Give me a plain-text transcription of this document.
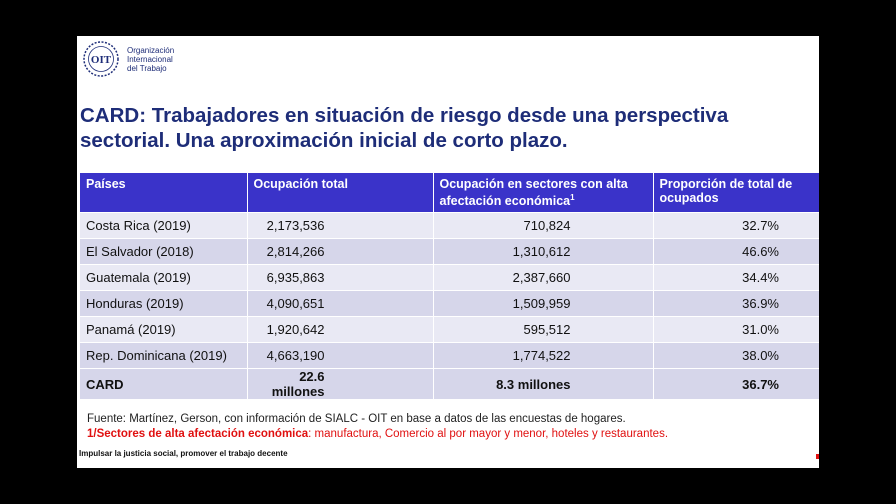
OIT
Organización
Internacional
del Trabajo
CARD: Trabajadores en situación de riesgo desde una perspectiva sectorial. Una aproximación inicial de corto plazo.
Países	Ocupación total	Ocupación en sectores con alta afectación económica$^1$	Proporción de total de ocupados
Costa Rica (2019)	2,173,536	710,824	32.7%
El Salvador (2018)	2,814,266	1,310,612	46.6%
Guatemala (2019)	6,935,863	2,387,660	34.4%
Honduras (2019)	4,090,651	1,509,959	36.9%
Panamá (2019)	1,920,642	595,512	31.0%
Rep. Dominicana (2019)	4,663,190	1,774,522	38.0%
CARD	22.6 millones	8.3 millones	36.7%

Fuente: Martínez, Gerson, con información de SIALC - OIT en base a datos de las encuestas de hogares.

1/Sectores de alta afectación económica: manufactura, Comercio al por mayor y menor, hoteles y restaurantes.

Impulsar la justicia social, promover el trabajo decente
